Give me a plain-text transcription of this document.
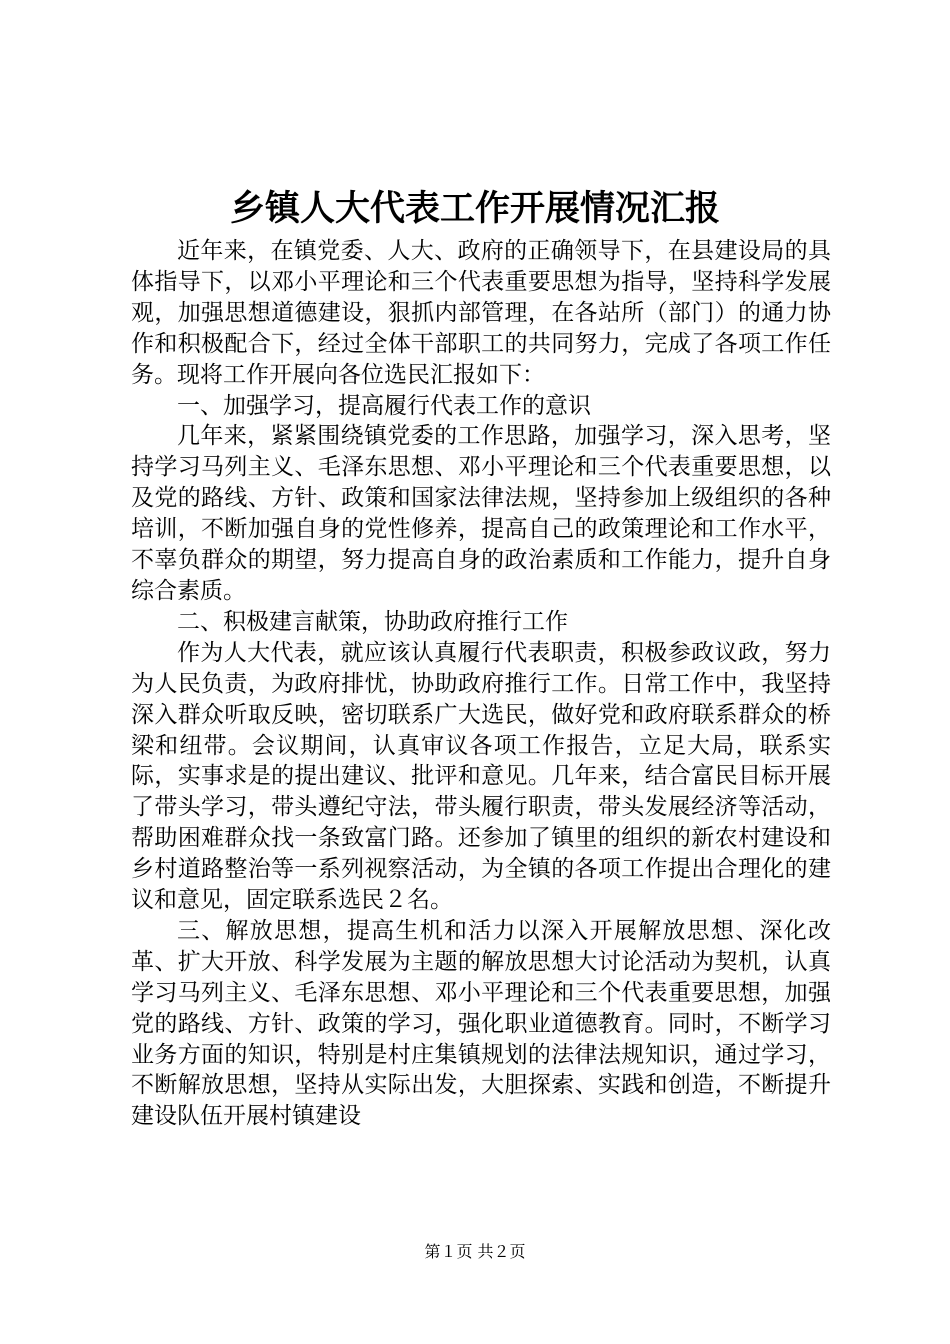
乡镇人大代表工作开展情况汇报

近年来，在镇党委、人大、政府的正确领导下，在县建设局的具体指导下，以邓小平理论和三个代表重要思想为指导，坚持科学发展观，加强思想道德建设，狠抓内部管理，在各站所（部门）的通力协作和积极配合下，经过全体干部职工的共同努力，完成了各项工作任务。现将工作开展向各位选民汇报如下：

一、加强学习，提高履行代表工作的意识

几年来，紧紧围绕镇党委的工作思路，加强学习，深入思考，坚持学习马列主义、毛泽东思想、邓小平理论和三个代表重要思想，以及党的路线、方针、政策和国家法律法规，坚持参加上级组织的各种培训，不断加强自身的党性修养，提高自己的政策理论和工作水平，不辜负群众的期望，努力提高自身的政治素质和工作能力，提升自身综合素质。

二、积极建言献策，协助政府推行工作

作为人大代表，就应该认真履行代表职责，积极参政议政，努力为人民负责，为政府排忧，协助政府推行工作。日常工作中，我坚持深入群众听取反映，密切联系广大选民，做好党和政府联系群众的桥梁和纽带。会议期间，认真审议各项工作报告，立足大局，联系实际，实事求是的提出建议、批评和意见。几年来，结合富民目标开展了带头学习，带头遵纪守法，带头履行职责，带头发展经济等活动，帮助困难群众找一条致富门路。还参加了镇里的组织的新农村建设和乡村道路整治等一系列视察活动，为全镇的各项工作提出合理化的建议和意见，固定联系选民２名。

三、解放思想，提高生机和活力以深入开展解放思想、深化改革、扩大开放、科学发展为主题的解放思想大讨论活动为契机，认真学习马列主义、毛泽东思想、邓小平理论和三个代表重要思想，加强党的路线、方针、政策的学习，强化职业道德教育。同时，不断学习业务方面的知识，特别是村庄集镇规划的法律法规知识，通过学习，不断解放思想，坚持从实际出发，大胆探索、实践和创造，不断提升建设队伍开展村镇建设

第１页 共２页
